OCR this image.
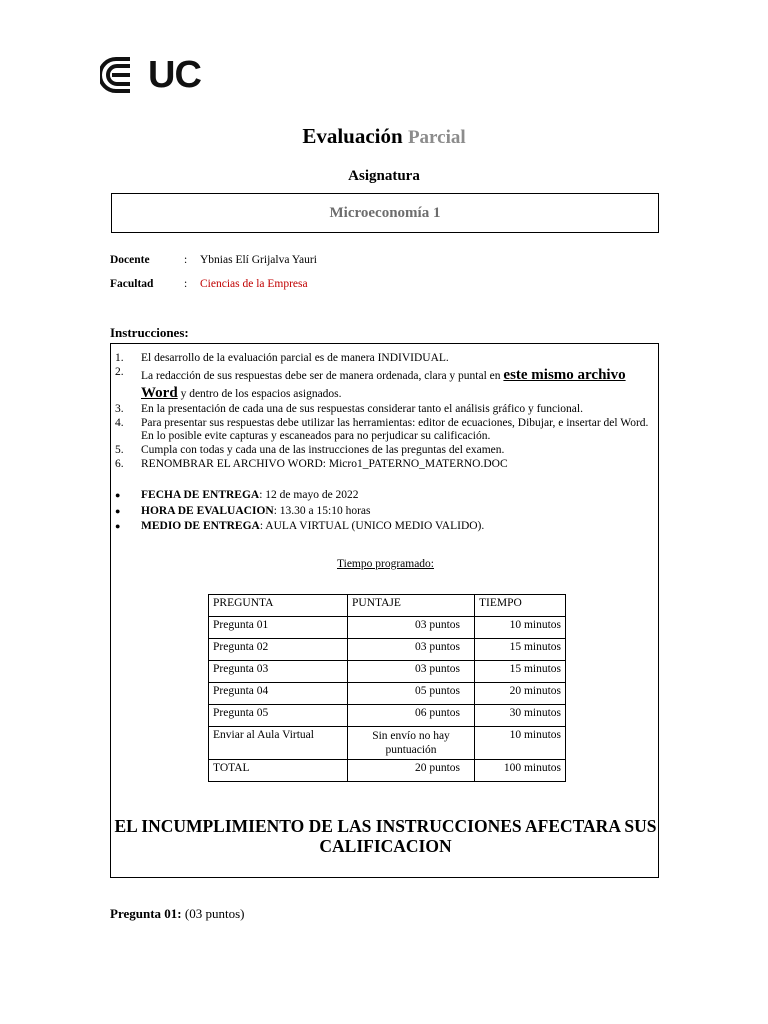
UC
Evaluación Parcial
Asignatura
Microeconomía 1
Docente	:	Ybnias Elí Grijalva Yauri
Facultad	:	Ciencias de la Empresa
Instrucciones:
1.	El desarrollo de la evaluación parcial es de manera INDIVIDUAL.
2.	La redacción de sus respuestas debe ser de manera ordenada, clara y puntal en este mismo archivo Word y dentro de los espacios asignados.
3.	En la presentación de cada una de sus respuestas considerar tanto el análisis gráfico y funcional.
4.	Para presentar sus respuestas debe utilizar las herramientas: editor de ecuaciones, Dibujar, e insertar del Word. En lo posible evite capturas y escaneados para no perjudicar su calificación.
5.	Cumpla con todas y cada una de las instrucciones de las preguntas del examen.
6.	RENOMBRAR EL ARCHIVO WORD: Micro1_PATERNO_MATERNO.DOC
●	FECHA DE ENTREGA: 12 de mayo de 2022
●	HORA DE EVALUACION: 13.30 a 15:10 horas
●	MEDIO DE ENTREGA: AULA VIRTUAL (UNICO MEDIO VALIDO).
Tiempo programado:
PREGUNTA	PUNTAJE	TIEMPO
Pregunta 01	03 puntos	10 minutos
Pregunta 02	03 puntos	15 minutos
Pregunta 03	03 puntos	15 minutos
Pregunta 04	05 puntos	20 minutos
Pregunta 05	06 puntos	30 minutos
Enviar al Aula Virtual	Sin envío no hay puntuación	10 minutos
TOTAL	20 puntos	100 minutos
EL INCUMPLIMIENTO DE LAS INSTRUCCIONES AFECTARA SUS CALIFICACION
Pregunta 01: (03 puntos)
